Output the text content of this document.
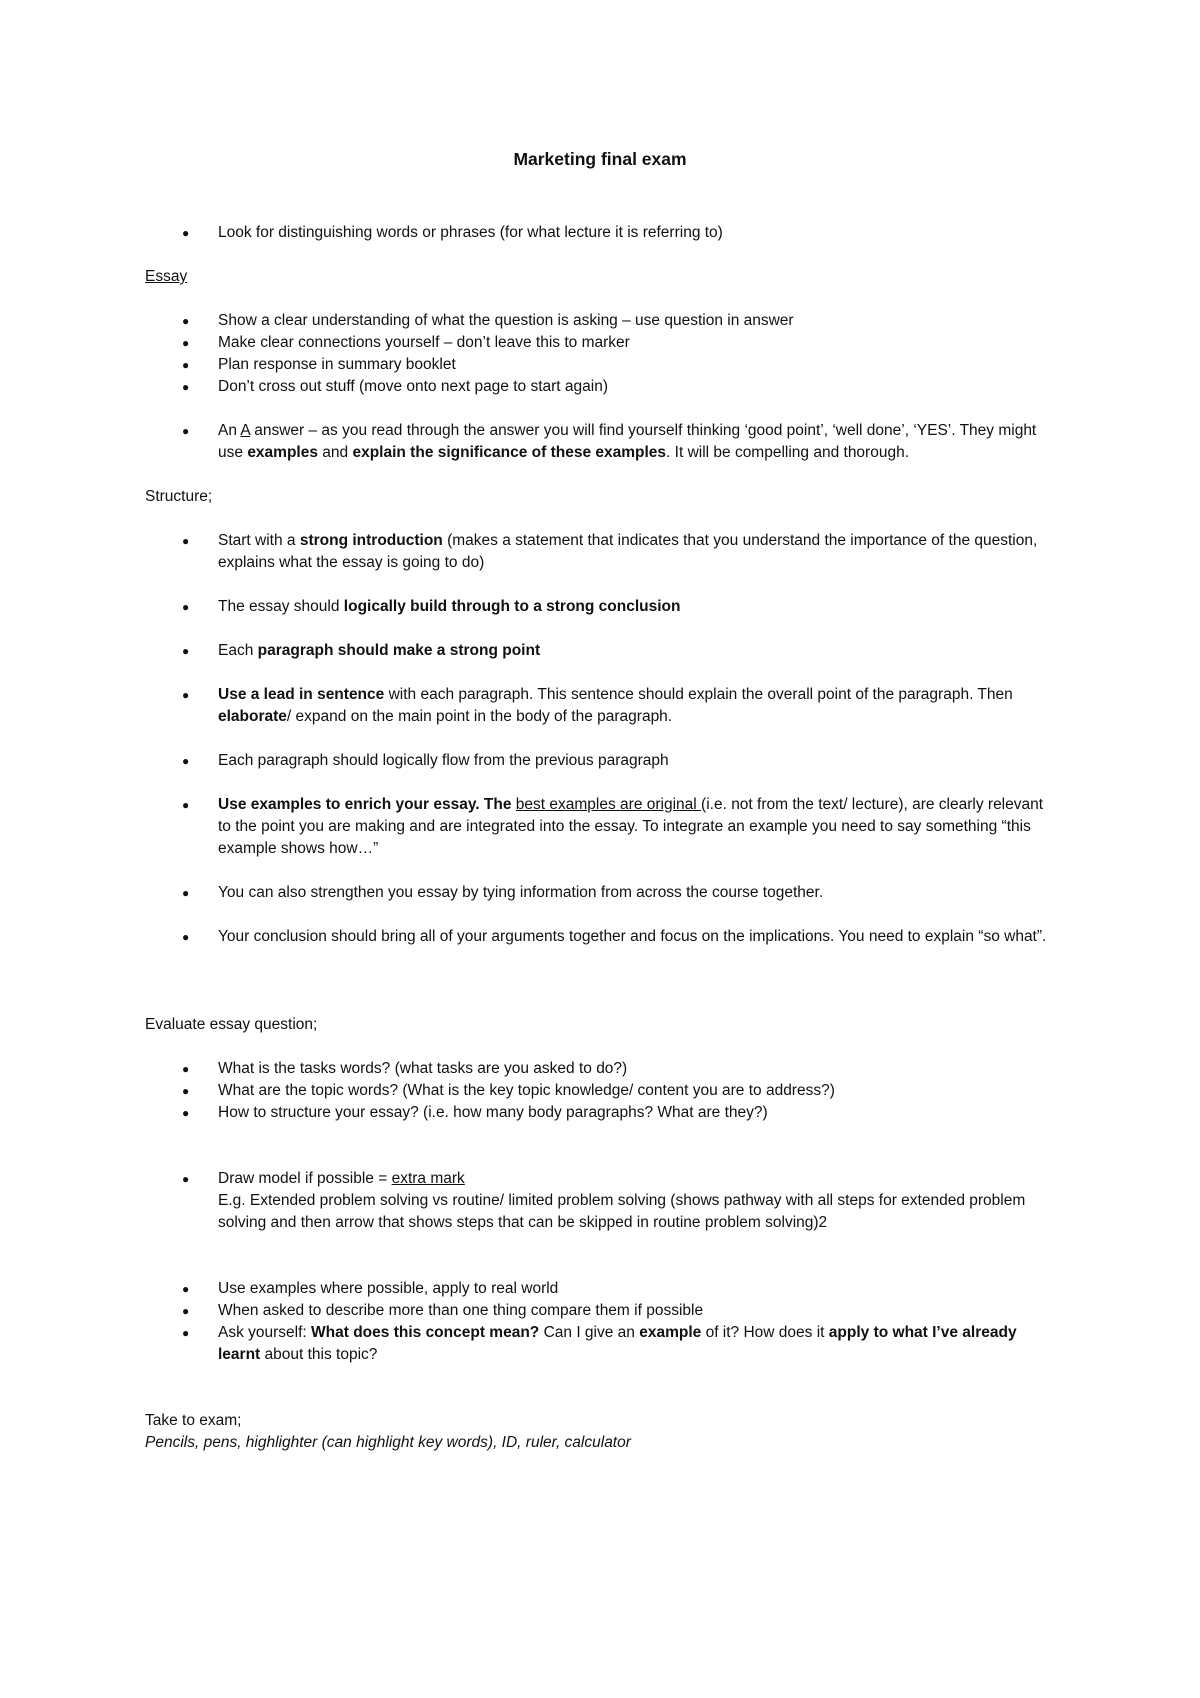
Marketing final exam
● Look for distinguishing words or phrases (for what lecture it is referring to)
Essay
● Show a clear understanding of what the question is asking – use question in answer
● Make clear connections yourself – don’t leave this to marker
● Plan response in summary booklet
● Don’t cross out stuff (move onto next page to start again)
● An A answer – as you read through the answer you will find yourself thinking ‘good point’, ‘well done’, ‘YES’. They might use examples and explain the significance of these examples. It will be compelling and thorough.
Structure;
● Start with a strong introduction (makes a statement that indicates that you understand the importance of the question, explains what the essay is going to do)
● The essay should logically build through to a strong conclusion
● Each paragraph should make a strong point
● Use a lead in sentence with each paragraph. This sentence should explain the overall point of the paragraph. Then elaborate/ expand on the main point in the body of the paragraph.
● Each paragraph should logically flow from the previous paragraph
● Use examples to enrich your essay. The best examples are original (i.e. not from the text/ lecture), are clearly relevant to the point you are making and are integrated into the essay. To integrate an example you need to say something “this example shows how…”
● You can also strengthen you essay by tying information from across the course together.
● Your conclusion should bring all of your arguments together and focus on the implications. You need to explain “so what”.
Evaluate essay question;
● What is the tasks words? (what tasks are you asked to do?)
● What are the topic words? (What is the key topic knowledge/ content you are to address?)
● How to structure your essay? (i.e. how many body paragraphs? What are they?)
● Draw model if possible = extra mark
E.g. Extended problem solving vs routine/ limited problem solving (shows pathway with all steps for extended problem solving and then arrow that shows steps that can be skipped in routine problem solving)2
● Use examples where possible, apply to real world
● When asked to describe more than one thing compare them if possible
● Ask yourself: What does this concept mean? Can I give an example of it? How does it apply to what I’ve already learnt about this topic?
Take to exam;
Pencils, pens, highlighter (can highlight key words), ID, ruler, calculator
